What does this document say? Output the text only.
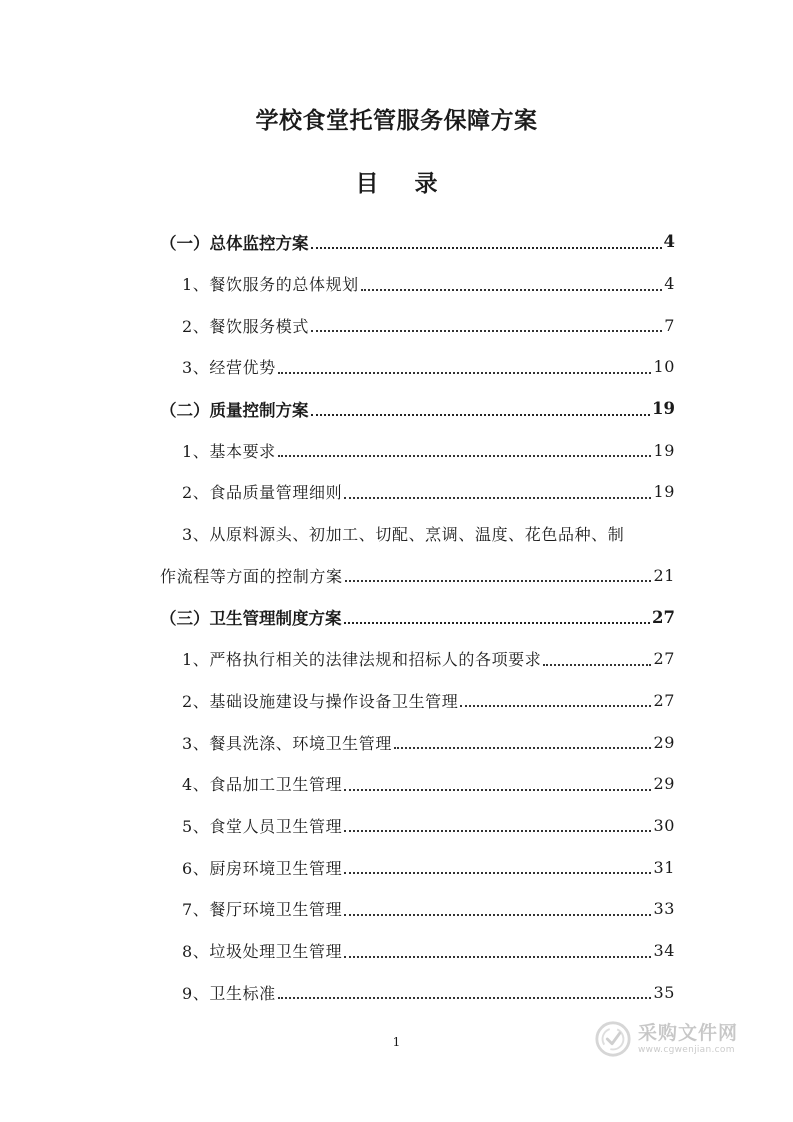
学校食堂托管服务保障方案
目 录
（一）总体监控方案	4
1、餐饮服务的总体规划	4
2、餐饮服务模式	7
3、经营优势	10
（二）质量控制方案	19
1、基本要求	19
2、食品质量管理细则	19
3、从原料源头、初加工、切配、烹调、温度、花色品种、制
作流程等方面的控制方案	21
（三）卫生管理制度方案	27
1、严格执行相关的法律法规和招标人的各项要求	27
2、基础设施建设与操作设备卫生管理	27
3、餐具洗涤、环境卫生管理	29
4、食品加工卫生管理	29
5、食堂人员卫生管理	30
6、厨房环境卫生管理	31
7、餐厅环境卫生管理	33
8、垃圾处理卫生管理	34
9、卫生标准	35
1	采购文件网
www.cgwenjian.com
